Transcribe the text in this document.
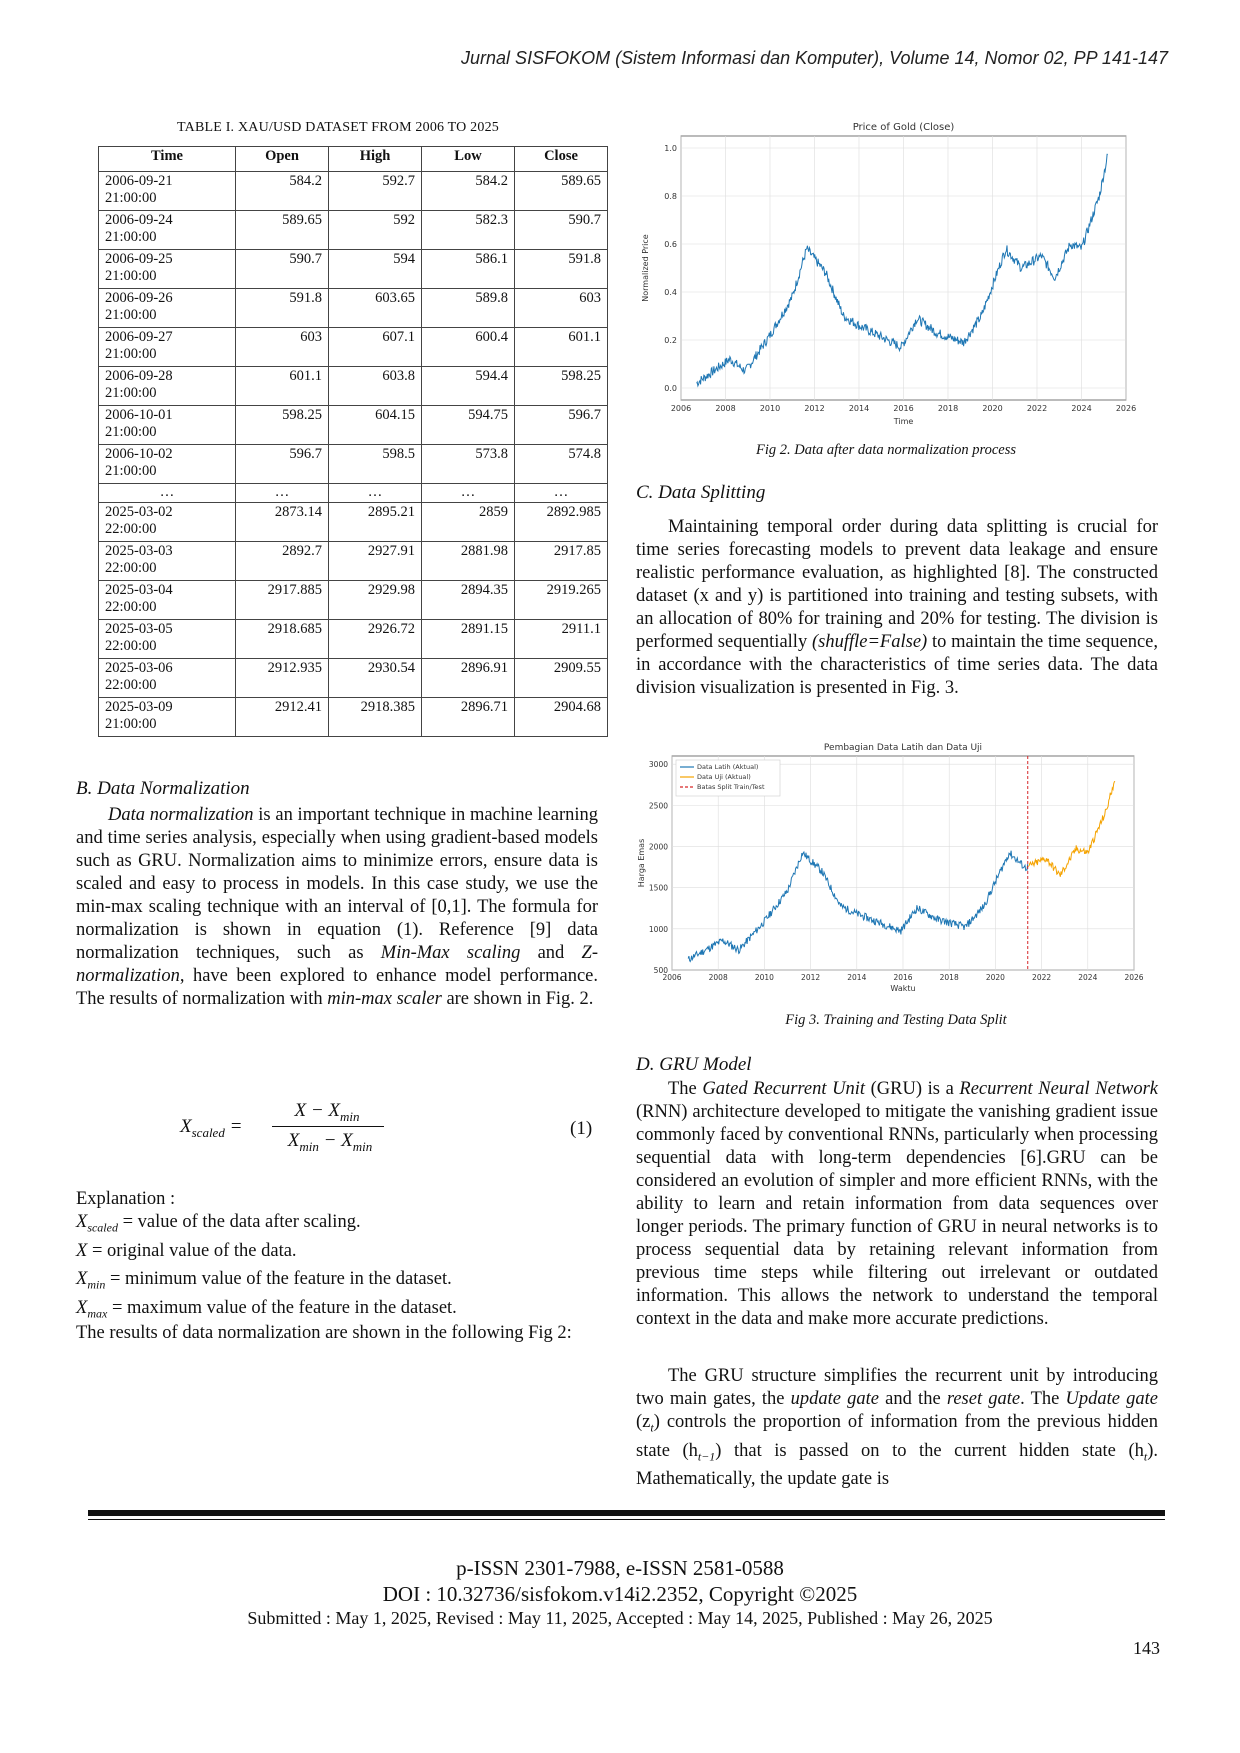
Jurnal SISFOKOM (Sistem Informasi dan Komputer), Volume 14, Nomor 02, PP 141-147
TABLE I. XAU/USD DATASET FROM 2006 TO 2025
Time	Open	High	Low	Close

2006-09-21
21:00:00	584.2	592.7	584.2	589.65

2006-09-24
21:00:00	589.65	592	582.3	590.7

2006-09-25
21:00:00	590.7	594	586.1	591.8

2006-09-26
21:00:00	591.8	603.65	589.8	603

2006-09-27
21:00:00	603	607.1	600.4	601.1

2006-09-28
21:00:00	601.1	603.8	594.4	598.25

2006-10-01
21:00:00	598.25	604.15	594.75	596.7

2006-10-02
21:00:00	596.7	598.5	573.8	574.8
…	…	…	…	…

2025-03-02
22:00:00	2873.14	2895.21	2859	2892.985

2025-03-03
22:00:00	2892.7	2927.91	2881.98	2917.85

2025-03-04
22:00:00	2917.885	2929.98	2894.35	2919.265

2025-03-05
22:00:00	2918.685	2926.72	2891.15	2911.1

2025-03-06
22:00:00	2912.935	2930.54	2896.91	2909.55

2025-03-09
21:00:00	2912.41	2918.385	2896.71	2904.68
B. Data Normalization
Data normalization is an important technique in machine learning and time series analysis, especially when using gradient-based models such as GRU. Normalization aims to minimize errors, ensure data is scaled and easy to process in models. In this case study, we use the min-max scaling technique with an interval of [0,1]. The formula for normalization is shown in equation (1). Reference [9] data normalization techniques, such as Min-Max scaling and Z-normalization, have been explored to enhance model performance. The results of normalization with min-max scaler are shown in Fig. 2.
$X_{scaled}$ =
$X - X_{min}$
$X_{min} - X_{min}$
(1)
Explanation :
$X_{scaled}$ = value of the data after scaling.
X = original value of the data.
$X_{min}$ = minimum value of the feature in the dataset.
$X_{max}$ = maximum value of the feature in the dataset.
The results of data normalization are shown in the following Fig 2:
Price of Gold (Close)
2006	2008	2010	2012	2014	2016	2018	2020	2022	2024	2026
0.0
0.2
0.4
0.6
0.8
1.0
Time
Normalized Price
Fig 2. Data after data normalization process
C. Data Splitting
Maintaining temporal order during data splitting is crucial for time series forecasting models to prevent data leakage and ensure realistic performance evaluation, as highlighted [8]. The constructed dataset (x and y) is partitioned into training and testing subsets, with an allocation of 80% for training and 20% for testing. The division is performed sequentially (shuffle=False) to maintain the time sequence, in accordance with the characteristics of time series data. The data division visualization is presented in Fig. 3.
Pembagian Data Latih dan Data Uji
2006	2008	2010	2012	2014	2016	2018	2020	2022	2024	2026
500
1000
1500
2000
2500
3000
Waktu
Harga Emas
Data Latih (Aktual)
Data Uji (Aktual)
Batas Split Train/Test
Fig 3. Training and Testing Data Split
D. GRU Model
The Gated Recurrent Unit (GRU) is a Recurrent Neural Network (RNN) architecture developed to mitigate the vanishing gradient issue commonly faced by conventional RNNs, particularly when processing sequential data with long-term dependencies [6].GRU can be considered an evolution of simpler and more efficient RNNs, with the ability to learn and retain information from data sequences over longer periods. The primary function of GRU in neural networks is to process sequential data by retaining relevant information from previous time steps while filtering out irrelevant or outdated information. This allows the network to understand the temporal context in the data and make more accurate predictions.
The GRU structure simplifies the recurrent unit by introducing two main gates, the update gate and the reset gate. The Update gate $(z_t)$ controls the proportion of information from the previous hidden state $(h_{t-1})$ that is passed on to the current hidden state $(h_t)$. Mathematically, the update gate is
p-ISSN 2301-7988, e-ISSN 2581-0588
DOI : 10.32736/sisfokom.v14i2.2352, Copyright ©2025
Submitted : May 1, 2025, Revised : May 11, 2025, Accepted : May 14, 2025, Published : May 26, 2025
143
